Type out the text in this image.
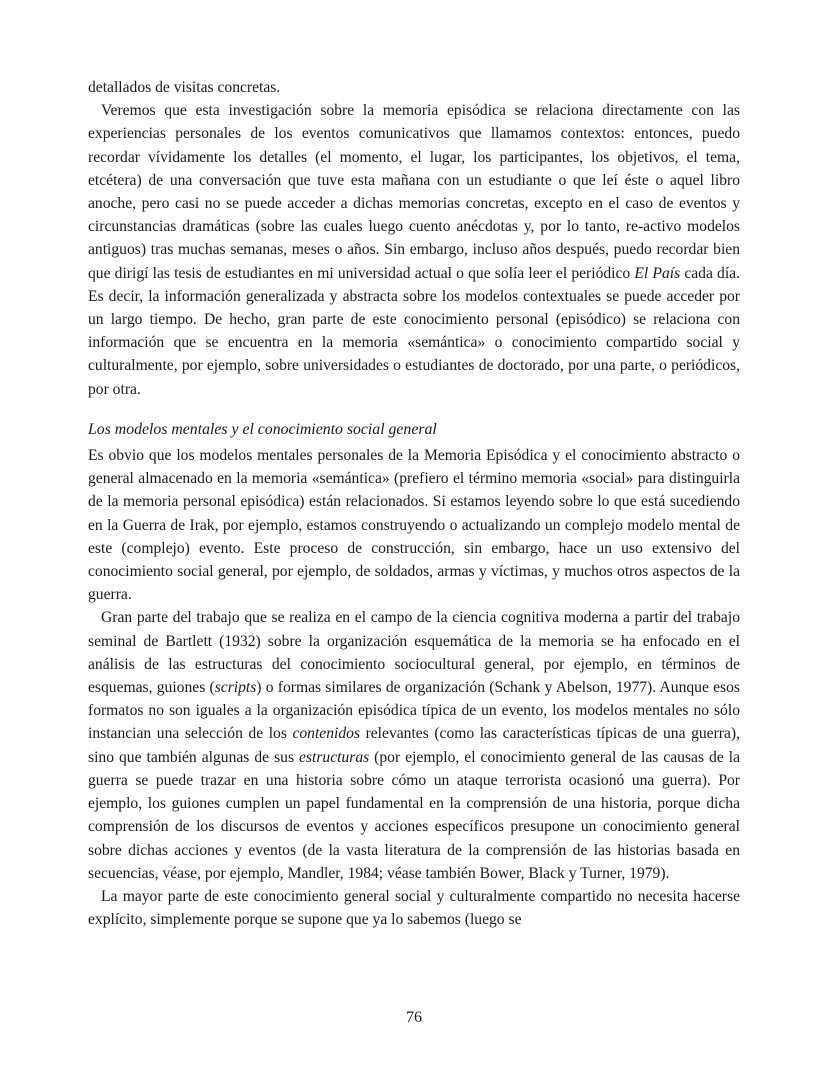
detallados de visitas concretas.

Veremos que esta investigación sobre la memoria episódica se relaciona directamente con las experiencias personales de los eventos comunicativos que llamamos contextos: entonces, puedo recordar vívidamente los detalles (el momento, el lugar, los participantes, los objetivos, el tema, etcétera) de una conversación que tuve esta mañana con un estudiante o que leí éste o aquel libro anoche, pero casi no se puede acceder a dichas memorias concretas, excepto en el caso de eventos y circunstancias dramáticas (sobre las cuales luego cuento anécdotas y, por lo tanto, re-activo modelos antiguos) tras muchas semanas, meses o años. Sin embargo, incluso años después, puedo recordar bien que dirigí las tesis de estudiantes en mi universidad actual o que solía leer el periódico El País cada día. Es decir, la información generalizada y abstracta sobre los modelos contextuales se puede acceder por un largo tiempo. De hecho, gran parte de este conocimiento personal (episódico) se relaciona con información que se encuentra en la memoria «semántica» o conocimiento compartido social y culturalmente, por ejemplo, sobre universidades o estudiantes de doctorado, por una parte, o periódicos, por otra.

Los modelos mentales y el conocimiento social general

Es obvio que los modelos mentales personales de la Memoria Episódica y el conocimiento abstracto o general almacenado en la memoria «semántica» (prefiero el término memoria «social» para distinguirla de la memoria personal episódica) están relacionados. Si estamos leyendo sobre lo que está sucediendo en la Guerra de Irak, por ejemplo, estamos construyendo o actualizando un complejo modelo mental de este (complejo) evento. Este proceso de construcción, sin embargo, hace un uso extensivo del conocimiento social general, por ejemplo, de soldados, armas y víctimas, y muchos otros aspectos de la guerra.

Gran parte del trabajo que se realiza en el campo de la ciencia cognitiva moderna a partir del trabajo seminal de Bartlett (1932) sobre la organización esquemática de la memoria se ha enfocado en el análisis de las estructuras del conocimiento sociocultural general, por ejemplo, en términos de esquemas, guiones (scripts) o formas similares de organización (Schank y Abelson, 1977). Aunque esos formatos no son iguales a la organización episódica típica de un evento, los modelos mentales no sólo instancian una selección de los contenidos relevantes (como las características típicas de una guerra), sino que también algunas de sus estructuras (por ejemplo, el conocimiento general de las causas de la guerra se puede trazar en una historia sobre cómo un ataque terrorista ocasionó una guerra). Por ejemplo, los guiones cumplen un papel fundamental en la comprensión de una historia, porque dicha comprensión de los discursos de eventos y acciones específicos presupone un conocimiento general sobre dichas acciones y eventos (de la vasta literatura de la comprensión de las historias basada en secuencias, véase, por ejemplo, Mandler, 1984; véase también Bower, Black y Turner, 1979).

La mayor parte de este conocimiento general social y culturalmente compartido no necesita hacerse explícito, simplemente porque se supone que ya lo sabemos (luego se

76
